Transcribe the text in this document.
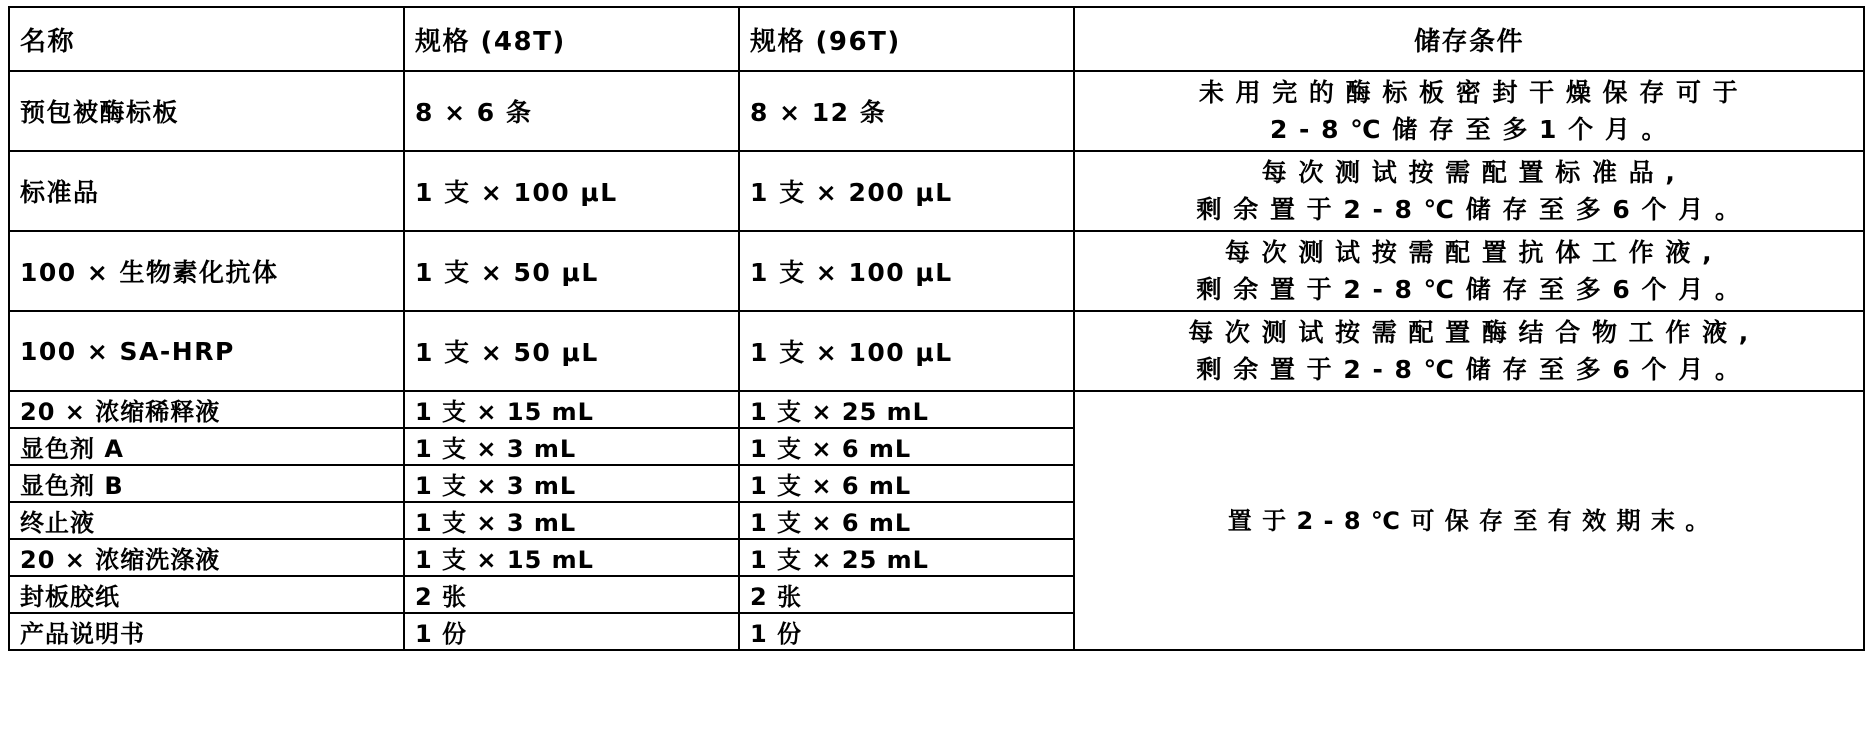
名称	规格 (48T)	规格 (96T)	储存条件
预包被酶标板	8 × 6 条	8 × 12 条	未 用 完 的 酶 标 板 密 封 干 燥 保 存 可 于
2 - 8 ℃ 储 存 至 多 1 个 月 。

标准品	1 支 × 100 μL	1 支 × 200 μL	每 次 测 试 按 需 配 置 标 准 品 ,
剩 余 置 于 2 - 8 ℃ 储 存 至 多 6 个 月 。

100 × 生物素化抗体	1 支 × 50 μL	1 支 × 100 μL	每 次 测 试 按 需 配 置 抗 体 工 作 液 ,
剩 余 置 于 2 - 8 ℃ 储 存 至 多 6 个 月 。

100 × SA-HRP	1 支 × 50 μL	1 支 × 100 μL	每 次 测 试 按 需 配 置 酶 结 合 物 工 作 液 ,
剩 余 置 于 2 - 8 ℃ 储 存 至 多 6 个 月 。

20 × 浓缩稀释液	1 支 × 15 mL	1 支 × 25 mL	置 于 2 - 8 ℃ 可 保 存 至 有 效 期 末 。
显色剂 A	1 支 × 3 mL	1 支 × 6 mL	
显色剂 B	1 支 × 3 mL	1 支 × 6 mL	
终止液	1 支 × 3 mL	1 支 × 6 mL	
20 × 浓缩洗涤液	1 支 × 15 mL	1 支 × 25 mL	
封板胶纸	2 张	2 张	
产品说明书	1 份	1 份	
